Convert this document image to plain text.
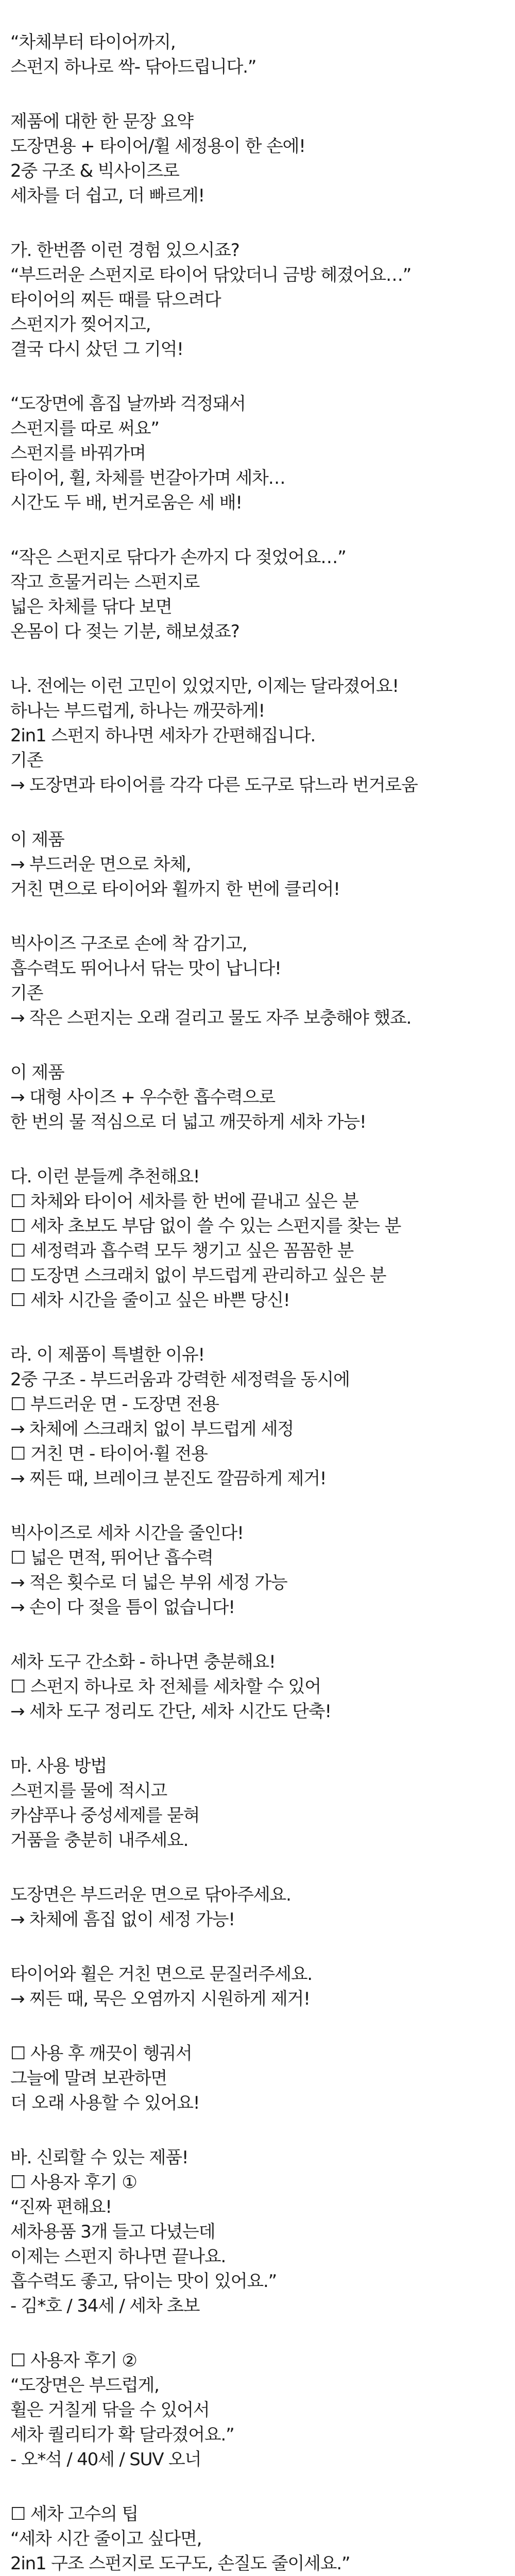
“차체부터 타이어까지,
스펀지 하나로 싹- 닦아드립니다.”
제품에 대한 한 문장 요약
도장면용 + 타이어/휠 세정용이 한 손에!
2중 구조 & 빅사이즈로
세차를 더 쉽고, 더 빠르게!
가. 한번쯤 이런 경험 있으시죠?
“부드러운 스펀지로 타이어 닦았더니 금방 헤졌어요…”
타이어의 찌든 때를 닦으려다
스펀지가 찢어지고,
결국 다시 샀던 그 기억!
“도장면에 흠집 날까봐 걱정돼서
스펀지를 따로 써요”
스펀지를 바꿔가며
타이어, 휠, 차체를 번갈아가며 세차…
시간도 두 배, 번거로움은 세 배!
“작은 스펀지로 닦다가 손까지 다 젖었어요…”
작고 흐물거리는 스펀지로
넓은 차체를 닦다 보면
온몸이 다 젖는 기분, 해보셨죠?
나. 전에는 이런 고민이 있었지만, 이제는 달라졌어요!
하나는 부드럽게, 하나는 깨끗하게!
2in1 스펀지 하나면 세차가 간편해집니다.
기존
→ 도장면과 타이어를 각각 다른 도구로 닦느라 번거로움
이 제품
→ 부드러운 면으로 차체,
거친 면으로 타이어와 휠까지 한 번에 클리어!
빅사이즈 구조로 손에 착 감기고,
흡수력도 뛰어나서 닦는 맛이 납니다!
기존
→ 작은 스펀지는 오래 걸리고 물도 자주 보충해야 했죠.
이 제품
→ 대형 사이즈 + 우수한 흡수력으로
한 번의 물 적심으로 더 넓고 깨끗하게 세차 가능!
다. 이런 분들께 추천해요!
☐ 차체와 타이어 세차를 한 번에 끝내고 싶은 분
☐ 세차 초보도 부담 없이 쓸 수 있는 스펀지를 찾는 분
☐ 세정력과 흡수력 모두 챙기고 싶은 꼼꼼한 분
☐ 도장면 스크래치 없이 부드럽게 관리하고 싶은 분
☐ 세차 시간을 줄이고 싶은 바쁜 당신!
라. 이 제품이 특별한 이유!
2중 구조 - 부드러움과 강력한 세정력을 동시에
☐ 부드러운 면 - 도장면 전용
→ 차체에 스크래치 없이 부드럽게 세정
☐ 거친 면 - 타이어·휠 전용
→ 찌든 때, 브레이크 분진도 깔끔하게 제거!
빅사이즈로 세차 시간을 줄인다!
☐ 넓은 면적, 뛰어난 흡수력
→ 적은 횟수로 더 넓은 부위 세정 가능
→ 손이 다 젖을 틈이 없습니다!
세차 도구 간소화 - 하나면 충분해요!
☐ 스펀지 하나로 차 전체를 세차할 수 있어
→ 세차 도구 정리도 간단, 세차 시간도 단축!
마. 사용 방법
스펀지를 물에 적시고
카샴푸나 중성세제를 묻혀
거품을 충분히 내주세요.
도장면은 부드러운 면으로 닦아주세요.
→ 차체에 흠집 없이 세정 가능!
타이어와 휠은 거친 면으로 문질러주세요.
→ 찌든 때, 묵은 오염까지 시원하게 제거!
☐ 사용 후 깨끗이 헹궈서
그늘에 말려 보관하면
더 오래 사용할 수 있어요!
바. 신뢰할 수 있는 제품!
☐ 사용자 후기 ①
“진짜 편해요!
세차용품 3개 들고 다녔는데
이제는 스펀지 하나면 끝나요.
흡수력도 좋고, 닦이는 맛이 있어요.”
- 김*호 / 34세 / 세차 초보
☐ 사용자 후기 ②
“도장면은 부드럽게,
휠은 거칠게 닦을 수 있어서
세차 퀄리티가 확 달라졌어요.”
- 오*석 / 40세 / SUV 오너
☐ 세차 고수의 팁
“세차 시간 줄이고 싶다면,
2in1 구조 스펀지로 도구도, 손질도 줄이세요.”
